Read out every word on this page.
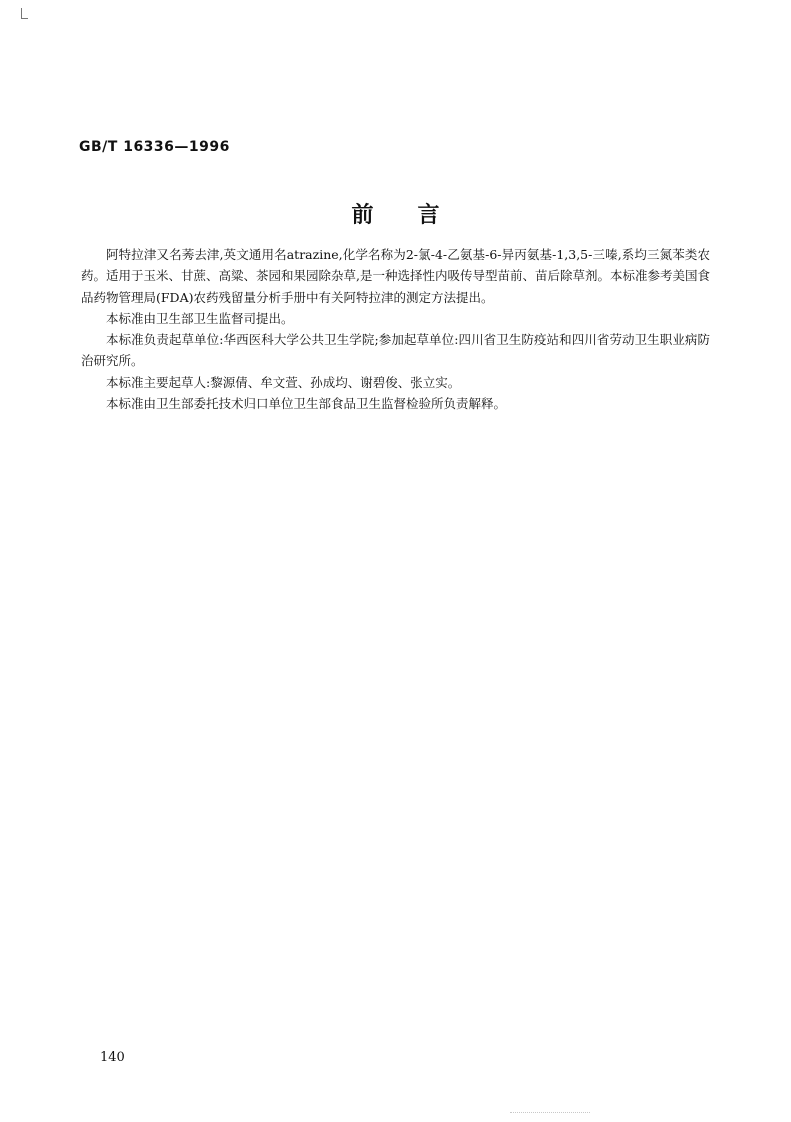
GB/T 16336—1996
前言

阿特拉津又名莠去津,英文通用名atrazine,化学名称为2-氯-4-乙氨基-6-异丙氨基-1,3,5-三嗪,系均三氮苯类农药。适用于玉米、甘蔗、高粱、茶园和果园除杂草,是一种选择性内吸传导型苗前、苗后除草剂。本标准参考美国食品药物管理局(FDA)农药残留量分析手册中有关阿特拉津的测定方法提出。

本标准由卫生部卫生监督司提出。

本标准负责起草单位:华西医科大学公共卫生学院;参加起草单位:四川省卫生防疫站和四川省劳动卫生职业病防治研究所。

本标准主要起草人:黎源倩、牟文萱、孙成均、谢碧俊、张立实。

本标准由卫生部委托技术归口单位卫生部食品卫生监督检验所负责解释。

140
